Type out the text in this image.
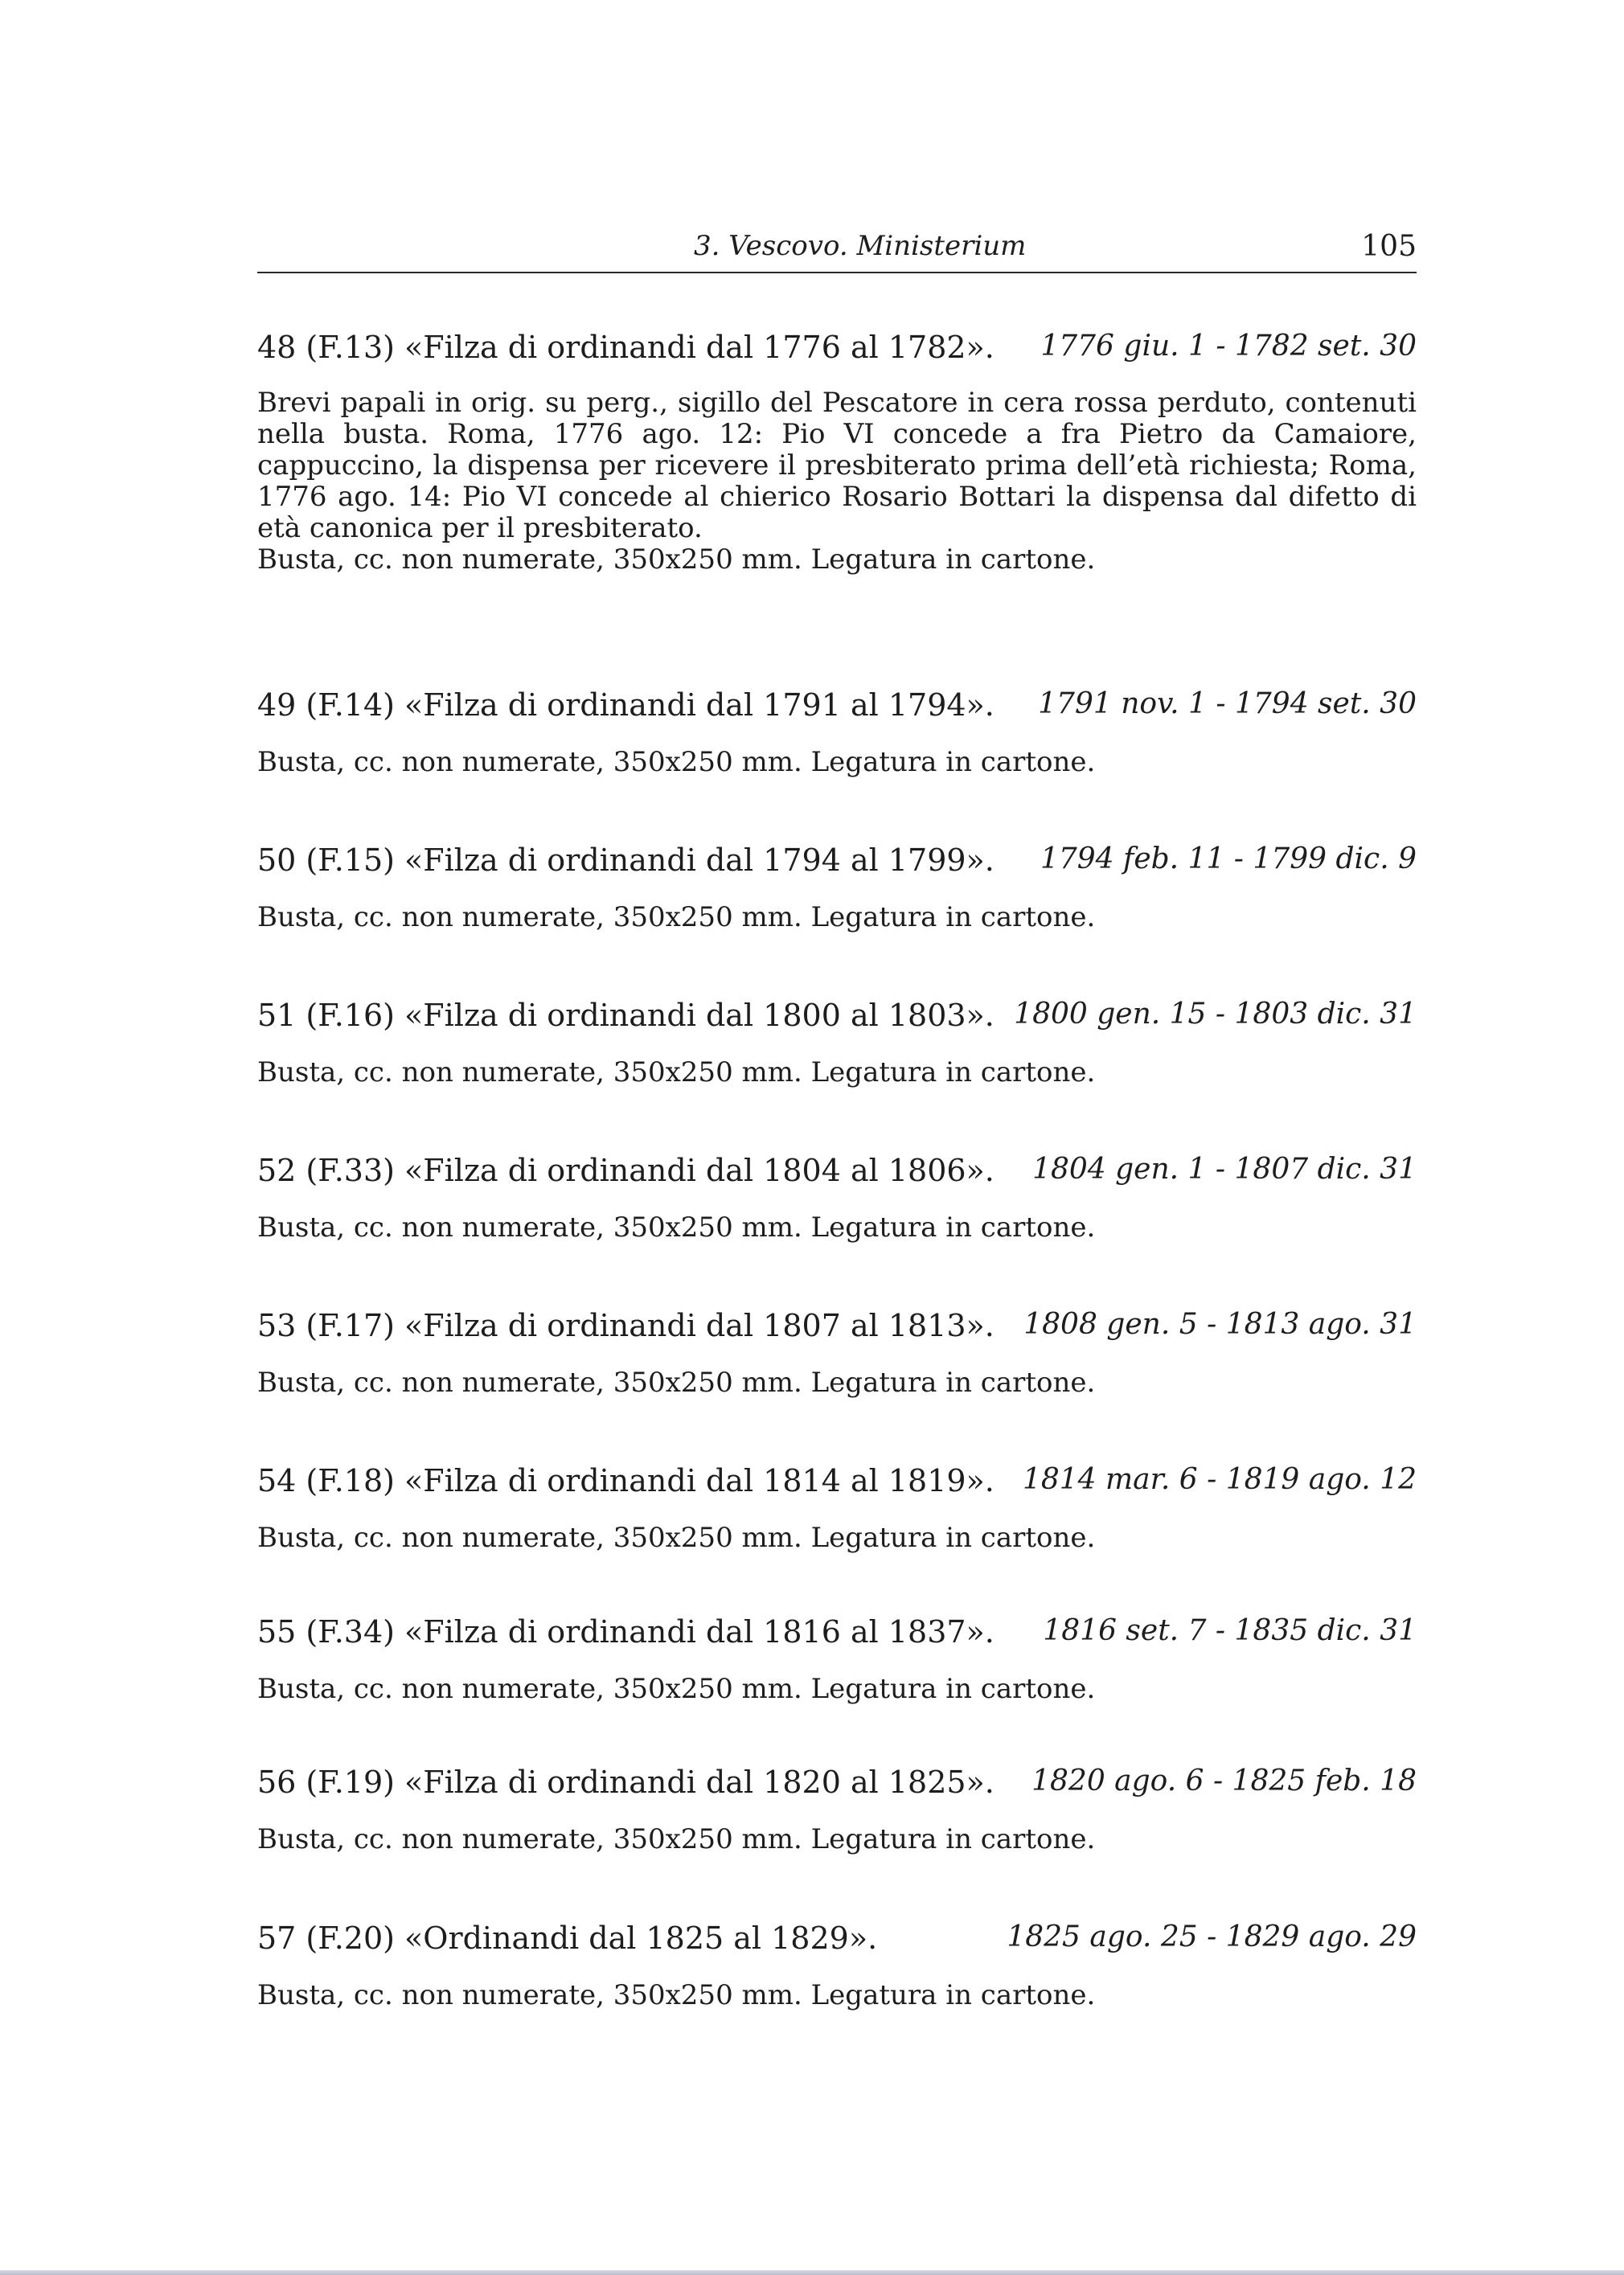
3. Vescovo. Ministerium	105
48 (F.13) «Filza di ordinandi dal 1776 al 1782». 1776 giu. 1 - 1782 set. 30

Brevi papali in orig. su perg., sigillo del Pescatore in cera rossa perduto, contenuti nella busta. Roma, 1776 ago. 12: Pio VI concede a fra Pietro da Camaiore, cappuccino, la dispensa per ricevere il presbiterato prima dell’età richiesta; Roma, 1776 ago. 14: Pio VI concede al chierico Rosario Bottari la dispensa dal difetto di età canonica per il presbiterato.

Busta, cc. non numerate, 350x250 mm. Legatura in cartone.

49 (F.14) «Filza di ordinandi dal 1791 al 1794». 1791 nov. 1 - 1794 set. 30

Busta, cc. non numerate, 350x250 mm. Legatura in cartone.

50 (F.15) «Filza di ordinandi dal 1794 al 1799». 1794 feb. 11 - 1799 dic. 9

Busta, cc. non numerate, 350x250 mm. Legatura in cartone.

51 (F.16) «Filza di ordinandi dal 1800 al 1803». 1800 gen. 15 - 1803 dic. 31

Busta, cc. non numerate, 350x250 mm. Legatura in cartone.

52 (F.33) «Filza di ordinandi dal 1804 al 1806». 1804 gen. 1 - 1807 dic. 31

Busta, cc. non numerate, 350x250 mm. Legatura in cartone.

53 (F.17) «Filza di ordinandi dal 1807 al 1813». 1808 gen. 5 - 1813 ago. 31

Busta, cc. non numerate, 350x250 mm. Legatura in cartone.

54 (F.18) «Filza di ordinandi dal 1814 al 1819». 1814 mar. 6 - 1819 ago. 12

Busta, cc. non numerate, 350x250 mm. Legatura in cartone.

55 (F.34) «Filza di ordinandi dal 1816 al 1837». 1816 set. 7 - 1835 dic. 31

Busta, cc. non numerate, 350x250 mm. Legatura in cartone.

56 (F.19) «Filza di ordinandi dal 1820 al 1825». 1820 ago. 6 - 1825 feb. 18

Busta, cc. non numerate, 350x250 mm. Legatura in cartone.

57 (F.20) «Ordinandi dal 1825 al 1829».	1825 ago. 25 - 1829 ago. 29

Busta, cc. non numerate, 350x250 mm. Legatura in cartone.
